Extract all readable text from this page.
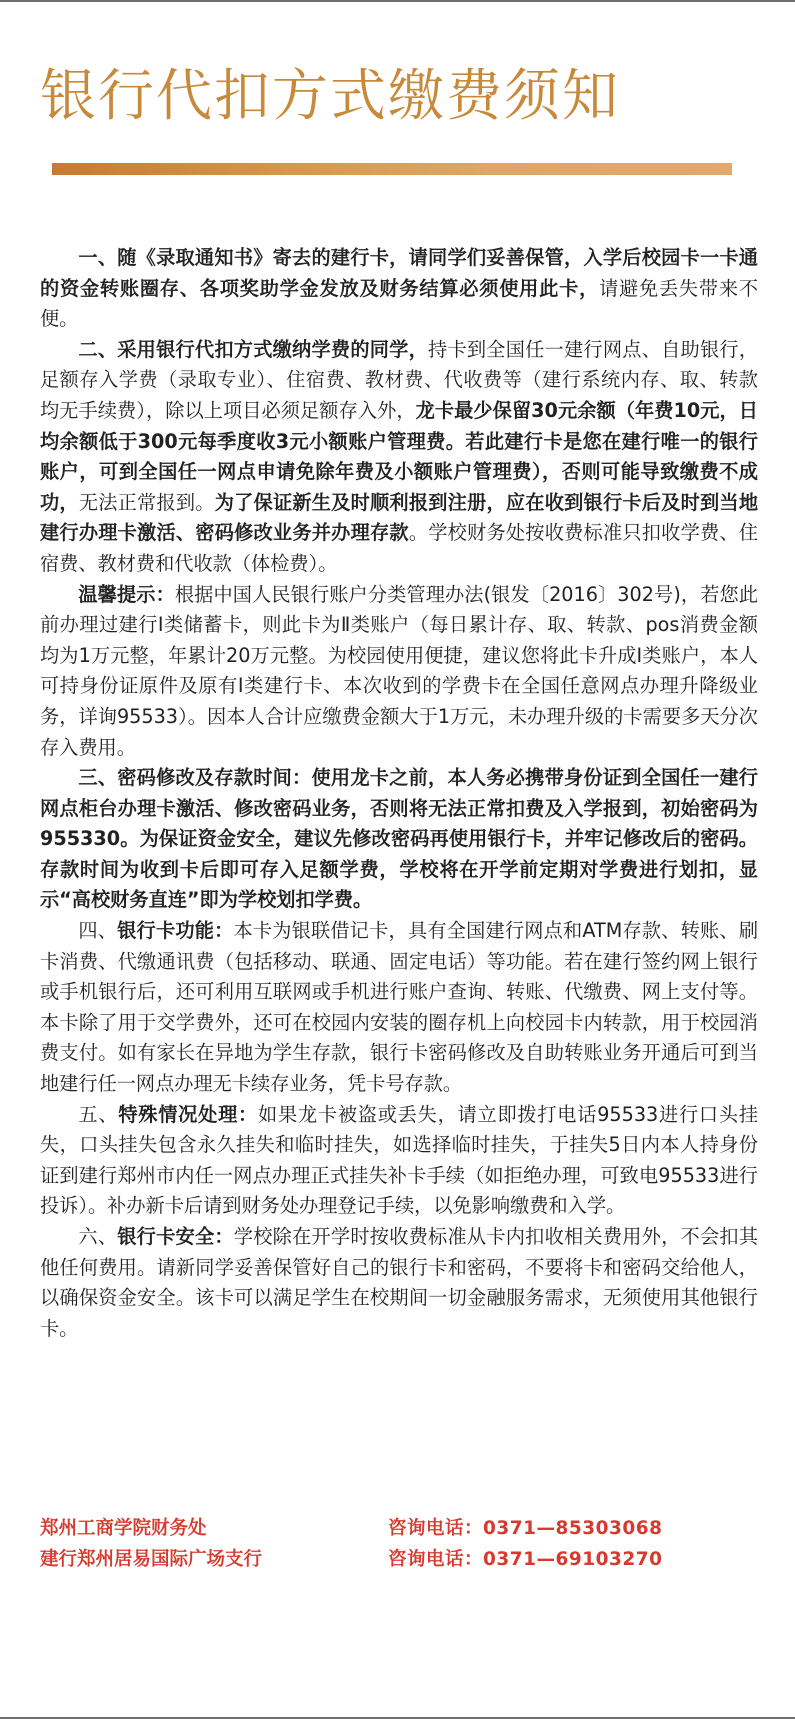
银行代扣方式缴费须知

一、随《录取通知书》寄去的建行卡，请同学们妥善保管，入学后校园卡一卡通的资金转账圈存、各项奖助学金发放及财务结算必须使用此卡，请避免丢失带来不便。

二、采用银行代扣方式缴纳学费的同学，持卡到全国任一建行网点、自助银行，足额存入学费（录取专业）、住宿费、教材费、代收费等（建行系统内存、取、转款均无手续费），除以上项目必须足额存入外，龙卡最少保留30元余额（年费10元，日均余额低于300元每季度收3元小额账户管理费。若此建行卡是您在建行唯一的银行账户，可到全国任一网点申请免除年费及小额账户管理费），否则可能导致缴费不成功，无法正常报到。为了保证新生及时顺利报到注册，应在收到银行卡后及时到当地建行办理卡激活、密码修改业务并办理存款。学校财务处按收费标准只扣收学费、住宿费、教材费和代收款（体检费）。

温馨提示：根据中国人民银行账户分类管理办法(银发〔2016〕302号)，若您此前办理过建行Ⅰ类储蓄卡，则此卡为Ⅱ类账户（每日累计存、取、转款、pos消费金额均为1万元整，年累计20万元整。为校园使用便捷，建议您将此卡升成Ⅰ类账户，本人可持身份证原件及原有Ⅰ类建行卡、本次收到的学费卡在全国任意网点办理升降级业务，详询95533）。因本人合计应缴费金额大于1万元，未办理升级的卡需要多天分次存入费用。

三、密码修改及存款时间：使用龙卡之前，本人务必携带身份证到全国任一建行网点柜台办理卡激活、修改密码业务，否则将无法正常扣费及入学报到，初始密码为955330。为保证资金安全，建议先修改密码再使用银行卡，并牢记修改后的密码。存款时间为收到卡后即可存入足额学费，学校将在开学前定期对学费进行划扣，显示“高校财务直连”即为学校划扣学费。

四、银行卡功能：本卡为银联借记卡，具有全国建行网点和ATM存款、转账、刷卡消费、代缴通讯费（包括移动、联通、固定电话）等功能。若在建行签约网上银行或手机银行后，还可利用互联网或手机进行账户查询、转账、代缴费、网上支付等。本卡除了用于交学费外，还可在校园内安装的圈存机上向校园卡内转款，用于校园消费支付。如有家长在异地为学生存款，银行卡密码修改及自助转账业务开通后可到当地建行任一网点办理无卡续存业务，凭卡号存款。

五、特殊情况处理：如果龙卡被盗或丢失，请立即拨打电话95533进行口头挂失，口头挂失包含永久挂失和临时挂失，如选择临时挂失，于挂失5日内本人持身份证到建行郑州市内任一网点办理正式挂失补卡手续（如拒绝办理，可致电95533进行投诉）。补办新卡后请到财务处办理登记手续，以免影响缴费和入学。

六、银行卡安全：学校除在开学时按收费标准从卡内扣收相关费用外，不会扣其他任何费用。请新同学妥善保管好自己的银行卡和密码，不要将卡和密码交给他人，以确保资金安全。该卡可以满足学生在校期间一切金融服务需求，无须使用其他银行卡。

郑州工商学院财务处	咨询电话：0371—85303068
建行郑州居易国际广场支行	咨询电话：0371—69103270
